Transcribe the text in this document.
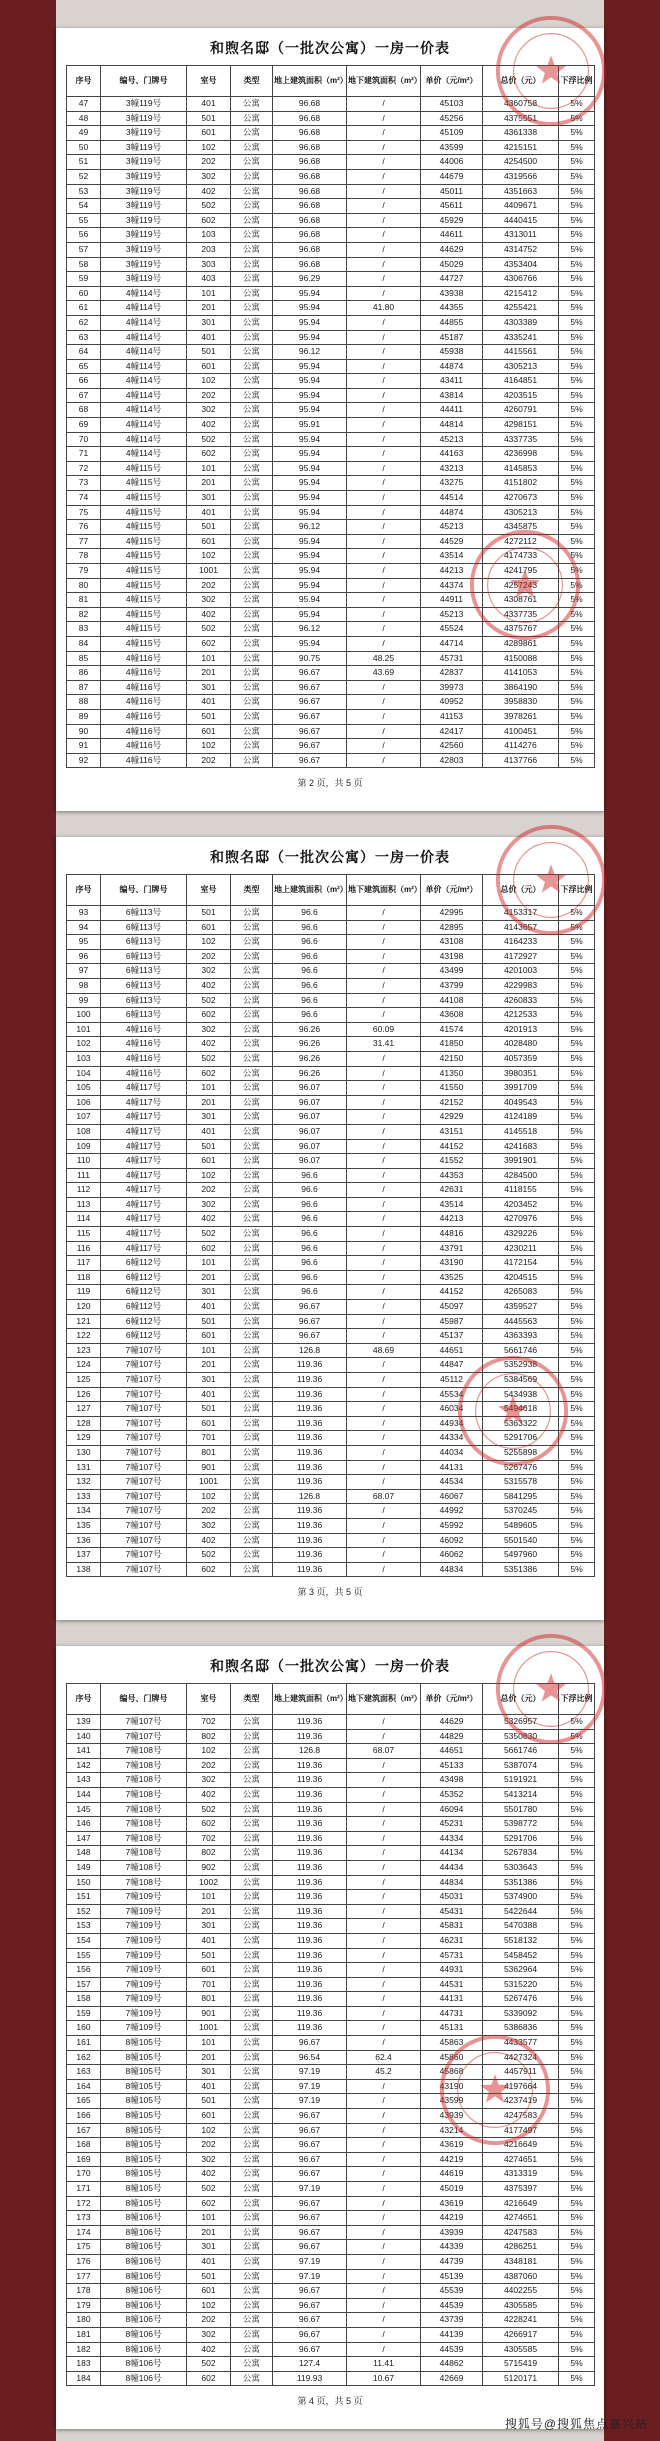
和煦名邸（一批次公寓）一房一价表
序号	编号、门牌号	室号	类型	地上建筑面积（m²）	地下建筑面积（m²）	单价（元/m²）	总价（元）	下浮比例
47	3幢119号	401	公寓	96.68	/	45103	4360758	5%
48	3幢119号	501	公寓	96.68	/	45256	4375551	5%
49	3幢119号	601	公寓	96.68	/	45109	4361338	5%
50	3幢119号	102	公寓	96.68	/	43599	4215151	5%
51	3幢119号	202	公寓	96.68	/	44006	4254500	5%
52	3幢119号	302	公寓	96.68	/	44679	4319566	5%
53	3幢119号	402	公寓	96.68	/	45011	4351663	5%
54	3幢119号	502	公寓	96.68	/	45611	4409671	5%
55	3幢119号	602	公寓	96.68	/	45929	4440415	5%
56	3幢119号	103	公寓	96.68	/	44611	4313011	5%
57	3幢119号	203	公寓	96.68	/	44629	4314752	5%
58	3幢119号	303	公寓	96.68	/	45029	4353404	5%
59	3幢119号	403	公寓	96.29	/	44727	4306766	5%
60	4幢114号	101	公寓	95.94	/	43938	4215412	5%
61	4幢114号	201	公寓	95.94	41.80	44355	4255421	5%
62	4幢114号	301	公寓	95.94	/	44855	4303389	5%
63	4幢114号	401	公寓	95.94	/	45187	4335241	5%
64	4幢114号	501	公寓	96.12	/	45938	4415561	5%
65	4幢114号	601	公寓	95.94	/	44874	4305213	5%
66	4幢114号	102	公寓	95.94	/	43411	4164851	5%
67	4幢114号	202	公寓	95.94	/	43814	4203515	5%
68	4幢114号	302	公寓	95.94	/	44411	4260791	5%
69	4幢114号	402	公寓	95.91	/	44814	4298151	5%
70	4幢114号	502	公寓	95.94	/	45213	4337735	5%
71	4幢114号	602	公寓	95.94	/	44163	4236998	5%
72	4幢115号	101	公寓	95.94	/	43213	4145853	5%
73	4幢115号	201	公寓	95.94	/	43275	4151802	5%
74	4幢115号	301	公寓	95.94	/	44514	4270673	5%
75	4幢115号	401	公寓	95.94	/	44874	4305213	5%
76	4幢115号	501	公寓	96.12	/	45213	4345875	5%
77	4幢115号	601	公寓	95.94	/	44529	4272112	5%
78	4幢115号	102	公寓	95.94	/	43514	4174733	5%
79	4幢115号	1001	公寓	95.94	/	44213	4241795	5%
80	4幢115号	202	公寓	95.94	/	44374	4257243	5%
81	4幢115号	302	公寓	95.94	/	44911	4308761	5%
82	4幢115号	402	公寓	95.94	/	45213	4337735	5%
83	4幢115号	502	公寓	96.12	/	45524	4375767	5%
84	4幢115号	602	公寓	95.94	/	44714	4289861	5%
85	4幢116号	101	公寓	90.75	48.25	45731	4150088	5%
86	4幢116号	201	公寓	96.67	43.69	42837	4141053	5%
87	4幢116号	301	公寓	96.67	/	39973	3864190	5%
88	4幢116号	401	公寓	96.67	/	40952	3958830	5%
89	4幢116号	501	公寓	96.67	/	41153	3978261	5%
90	4幢116号	601	公寓	96.67	/	42417	4100451	5%
91	4幢116号	102	公寓	96.67	/	42560	4114276	5%
92	4幢116号	202	公寓	96.67	/	42803	4137766	5%
第 2 页，共 5 页
和煦名邸（一批次公寓）一房一价表
序号	编号、门牌号	室号	类型	地上建筑面积（m²）	地下建筑面积（m²）	单价（元/m²）	总价（元）	下浮比例
93	6幢113号	501	公寓	96.6	/	42995	4153317	5%
94	6幢113号	601	公寓	96.6	/	42895	4143657	5%
95	6幢113号	102	公寓	96.6	/	43108	4164233	5%
96	6幢113号	202	公寓	96.6	/	43198	4172927	5%
97	6幢113号	302	公寓	96.6	/	43499	4201003	5%
98	6幢113号	402	公寓	96.6	/	43799	4229983	5%
99	6幢113号	502	公寓	96.6	/	44108	4260833	5%
100	6幢113号	602	公寓	96.6	/	43608	4212533	5%
101	4幢116号	302	公寓	96.26	60.09	41574	4201913	5%
102	4幢116号	402	公寓	96.26	31.41	41850	4028480	5%
103	4幢116号	502	公寓	96.26	/	42150	4057359	5%
104	4幢116号	602	公寓	96.26	/	41350	3980351	5%
105	4幢117号	101	公寓	96.07	/	41550	3991709	5%
106	4幢117号	201	公寓	96.07	/	42152	4049543	5%
107	4幢117号	301	公寓	96.07	/	42929	4124189	5%
108	4幢117号	401	公寓	96.07	/	43151	4145518	5%
109	4幢117号	501	公寓	96.07	/	44152	4241683	5%
110	4幢117号	601	公寓	96.07	/	41552	3991901	5%
111	4幢117号	102	公寓	96.6	/	44353	4284500	5%
112	4幢117号	202	公寓	96.6	/	42631	4118155	5%
113	4幢117号	302	公寓	96.6	/	43514	4203452	5%
114	4幢117号	402	公寓	96.6	/	44213	4270976	5%
115	4幢117号	502	公寓	96.6	/	44816	4329226	5%
116	4幢117号	602	公寓	96.6	/	43791	4230211	5%
117	6幢112号	101	公寓	96.6	/	43190	4172154	5%
118	6幢112号	201	公寓	96.6	/	43525	4204515	5%
119	6幢112号	301	公寓	96.6	/	44152	4265083	5%
120	6幢112号	401	公寓	96.67	/	45097	4359527	5%
121	6幢112号	501	公寓	96.67	/	45987	4445563	5%
122	6幢112号	601	公寓	96.67	/	45137	4363393	5%
123	7幢107号	101	公寓	126.8	48.69	44651	5661746	5%
124	7幢107号	201	公寓	119.36	/	44847	5352938	5%
125	7幢107号	301	公寓	119.36	/	45112	5384569	5%
126	7幢107号	401	公寓	119.36	/	45534	5434938	5%
127	7幢107号	501	公寓	119.36	/	46034	5494618	5%
128	7幢107号	601	公寓	119.36	/	44934	5363322	5%
129	7幢107号	701	公寓	119.36	/	44334	5291706	5%
130	7幢107号	801	公寓	119.36	/	44034	5255898	5%
131	7幢107号	901	公寓	119.36	/	44131	5267476	5%
132	7幢107号	1001	公寓	119.36	/	44534	5315578	5%
133	7幢107号	102	公寓	126.8	68.07	46067	5841295	5%
134	7幢107号	202	公寓	119.36	/	44992	5370245	5%
135	7幢107号	302	公寓	119.36	/	45992	5489605	5%
136	7幢107号	402	公寓	119.36	/	46092	5501540	5%
137	7幢107号	502	公寓	119.36	/	46062	5497960	5%
138	7幢107号	602	公寓	119.36	/	44834	5351386	5%
第 3 页，共 5 页
和煦名邸（一批次公寓）一房一价表
序号	编号、门牌号	室号	类型	地上建筑面积（m²）	地下建筑面积（m²）	单价（元/m²）	总价（元）	下浮比例
139	7幢107号	702	公寓	119.36	/	44629	5326957	5%
140	7幢107号	802	公寓	119.36	/	44829	5350830	5%
141	7幢108号	102	公寓	126.8	68.07	44651	5661746	5%
142	7幢108号	202	公寓	119.36	/	45133	5387074	5%
143	7幢108号	302	公寓	119.36	/	43498	5191921	5%
144	7幢108号	402	公寓	119.36	/	45352	5413214	5%
145	7幢108号	502	公寓	119.36	/	46094	5501780	5%
146	7幢108号	602	公寓	119.36	/	45231	5398772	5%
147	7幢108号	702	公寓	119.36	/	44334	5291706	5%
148	7幢108号	802	公寓	119.36	/	44134	5267834	5%
149	7幢108号	902	公寓	119.36	/	44434	5303643	5%
150	7幢108号	1002	公寓	119.36	/	44834	5351386	5%
151	7幢109号	101	公寓	119.36	/	45031	5374900	5%
152	7幢109号	201	公寓	119.36	/	45431	5422644	5%
153	7幢109号	301	公寓	119.36	/	45831	5470388	5%
154	7幢109号	401	公寓	119.36	/	46231	5518132	5%
155	7幢109号	501	公寓	119.36	/	45731	5458452	5%
156	7幢109号	601	公寓	119.36	/	44931	5362964	5%
157	7幢109号	701	公寓	119.36	/	44531	5315220	5%
158	7幢109号	801	公寓	119.36	/	44131	5267476	5%
159	7幢109号	901	公寓	119.36	/	44731	5339092	5%
160	7幢109号	1001	公寓	119.36	/	45131	5386836	5%
161	8幢105号	101	公寓	96.67	/	45863	4433577	5%
162	8幢105号	201	公寓	96.54	62.4	45860	4427324	5%
163	8幢105号	301	公寓	97.19	45.2	45868	4457911	5%
164	8幢105号	401	公寓	97.19	/	43190	4197664	5%
165	8幢105号	501	公寓	97.19	/	43599	4237419	5%
166	8幢105号	601	公寓	96.67	/	43939	4247583	5%
167	8幢105号	102	公寓	96.67	/	43214	4177497	5%
168	8幢105号	202	公寓	96.67	/	43619	4216649	5%
169	8幢105号	302	公寓	96.67	/	44219	4274651	5%
170	8幢105号	402	公寓	96.67	/	44619	4313319	5%
171	8幢105号	502	公寓	97.19	/	45019	4375397	5%
172	8幢105号	602	公寓	96.67	/	43619	4216649	5%
173	8幢106号	101	公寓	96.67	/	44219	4274651	5%
174	8幢106号	201	公寓	96.67	/	43939	4247583	5%
175	8幢106号	301	公寓	96.67	/	44339	4286251	5%
176	8幢106号	401	公寓	97.19	/	44739	4348181	5%
177	8幢106号	501	公寓	97.19	/	45139	4387060	5%
178	8幢106号	601	公寓	96.67	/	45539	4402255	5%
179	8幢106号	102	公寓	96.67	/	44539	4305585	5%
180	8幢106号	202	公寓	96.67	/	43739	4228241	5%
181	8幢106号	302	公寓	96.67	/	44139	4266917	5%
182	8幢106号	402	公寓	96.67	/	44539	4305585	5%
183	8幢106号	502	公寓	127.4	11.41	44862	5715419	5%
184	8幢106号	602	公寓	119.93	10.67	42669	5120171	5%
第 4 页，共 5 页
搜狐号@搜狐焦点嘉兴站
